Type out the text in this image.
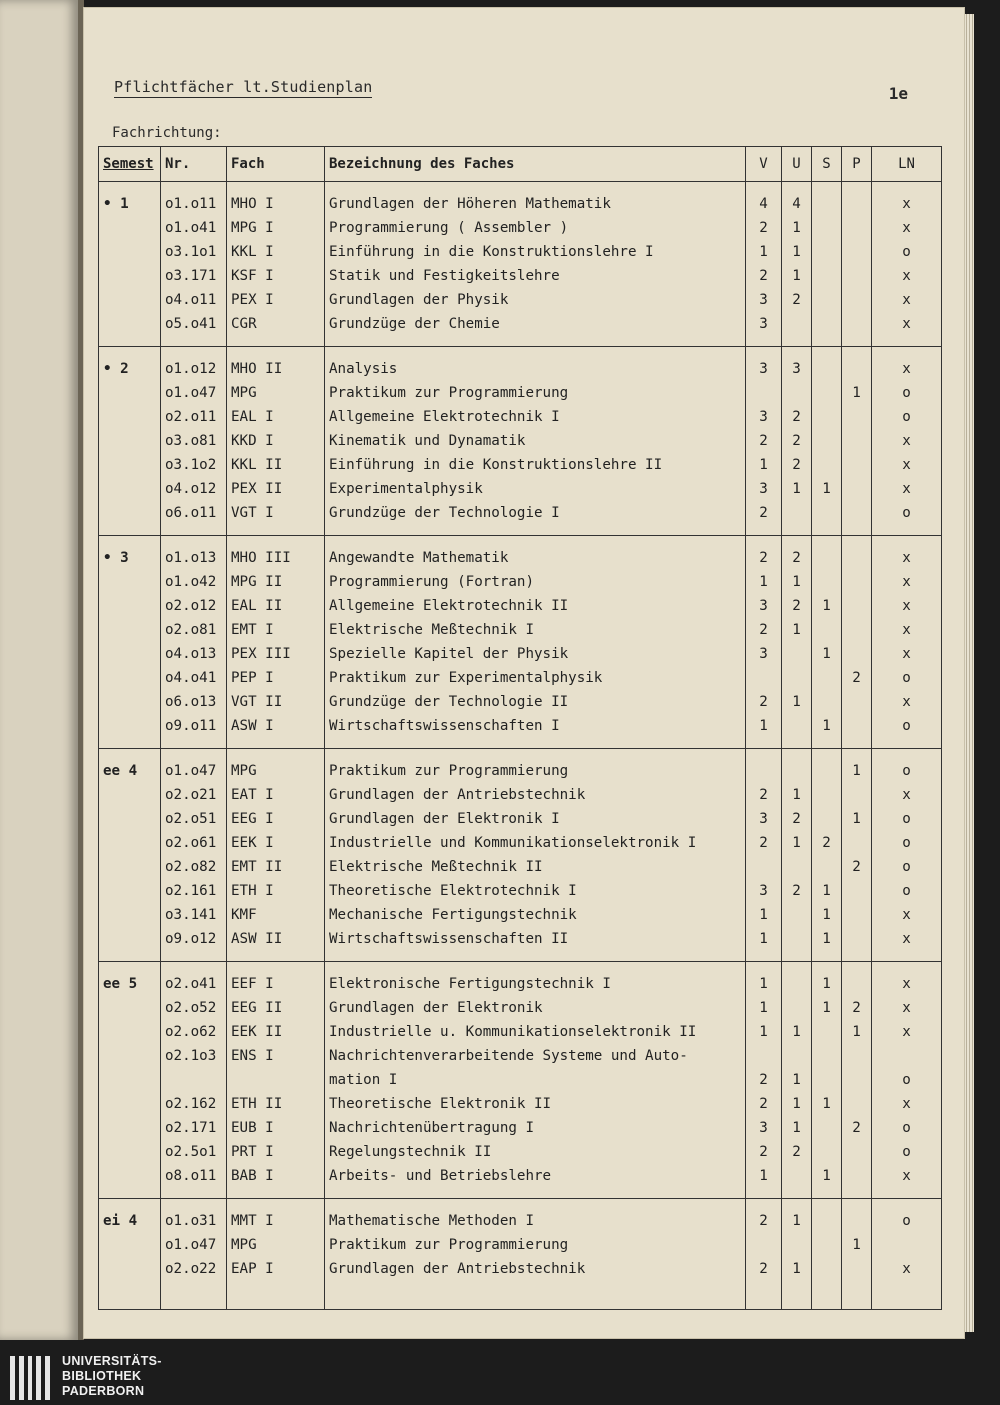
Pflichtfächer lt.Studienplan	1e
Fachrichtung:
Semest	Nr.	Fach	Bezeichnung des Faches	V	U	S	P	LN
• 1	o1.o11	MHO I	Grundlagen der Höheren Mathematik	4	4			x
	o1.o41	MPG I	Programmierung ( Assembler )	2	1			x
	o3.1o1	KKL I	Einführung in die Konstruktionslehre I	1	1			o
	o3.171	KSF I	Statik und Festigkeitslehre	2	1			x
	o4.o11	PEX I	Grundlagen der Physik	3	2			x
	o5.o41	CGR	Grundzüge der Chemie	3				x
• 2	o1.o12	MHO II	Analysis	3	3			x
	o1.o47	MPG	Praktikum zur Programmierung				1	o
	o2.o11	EAL I	Allgemeine Elektrotechnik I	3	2			o
	o3.o81	KKD I	Kinematik und Dynamatik	2	2			x
	o3.1o2	KKL II	Einführung in die Konstruktionslehre II	1	2			x
	o4.o12	PEX II	Experimentalphysik	3	1	1		x
	o6.o11	VGT I	Grundzüge der Technologie I	2				o
• 3	o1.o13	MHO III	Angewandte Mathematik	2	2			x
	o1.o42	MPG II	Programmierung (Fortran)	1	1			x
	o2.o12	EAL II	Allgemeine Elektrotechnik II	3	2	1		x
	o2.o81	EMT I	Elektrische Meßtechnik I	2	1			x
	o4.o13	PEX III	Spezielle Kapitel der Physik	3		1		x
	o4.o41	PEP I	Praktikum zur Experimentalphysik				2	o
	o6.o13	VGT II	Grundzüge der Technologie II	2	1			x
	o9.o11	ASW I	Wirtschaftswissenschaften I	1		1		o
ee 4	o1.o47	MPG	Praktikum zur Programmierung				1	o
	o2.o21	EAT I	Grundlagen der Antriebstechnik	2	1			x
	o2.o51	EEG I	Grundlagen der Elektronik I	3	2		1	o
	o2.o61	EEK I	Industrielle und Kommunikationselektronik I	2	1	2		o
	o2.o82	EMT II	Elektrische Meßtechnik II				2	o
	o2.161	ETH I	Theoretische Elektrotechnik I	3	2	1		o
	o3.141	KMF	Mechanische Fertigungstechnik	1		1		x
	o9.o12	ASW II	Wirtschaftswissenschaften II	1		1		x
ee 5	o2.o41	EEF I	Elektronische Fertigungstechnik I	1		1		x
	o2.o52	EEG II	Grundlagen der Elektronik	1		1	2	x
	o2.o62	EEK II	Industrielle u. Kommunikationselektronik II	1	1		1	x
	o2.1o3	ENS I	Nachrichtenverarbeitende Systeme und Auto-					
			mation I	2	1			o
	o2.162	ETH II	Theoretische Elektronik II	2	1	1		x
	o2.171	EUB I	Nachrichtenübertragung I	3	1		2	o
	o2.5o1	PRT I	Regelungstechnik II	2	2			o
	o8.o11	BAB I	Arbeits- und Betriebslehre	1		1		x
ei 4	o1.o31	MMT I	Mathematische Methoden I	2	1			o
	o1.o47	MPG	Praktikum zur Programmierung				1	
	o2.o22	EAP I	Grundlagen der Antriebstechnik	2	1			x
UNIVERSITÄTS-
BIBLIOTHEK
PADERBORN
